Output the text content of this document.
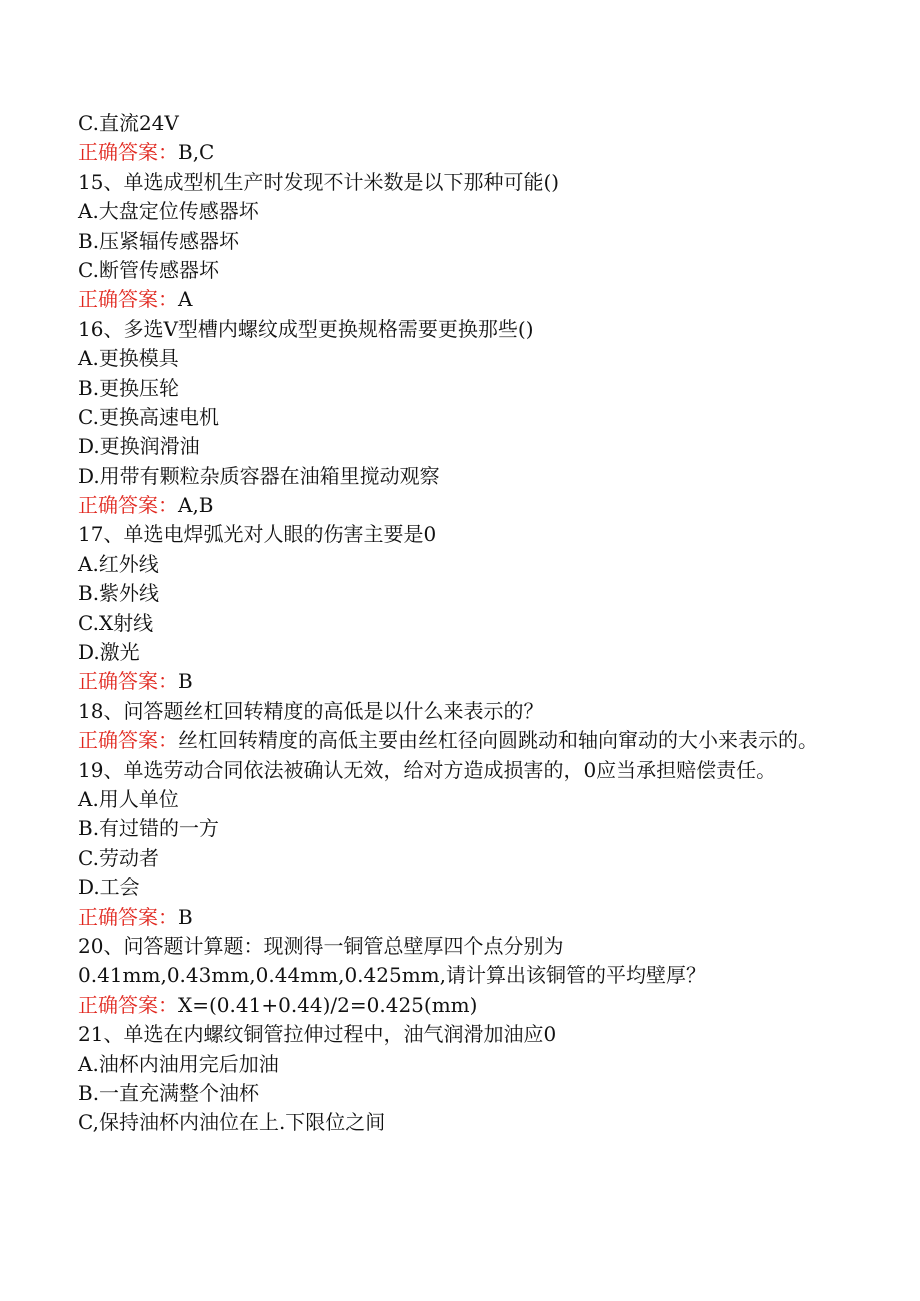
C.直流24V
正确答案：B,C
15、单选成型机生产时发现不计米数是以下那种可能()
A.大盘定位传感器坏
B.压紧辐传感器坏
C.断管传感器坏
正确答案：A
16、多选V型槽内螺纹成型更换规格需要更换那些()
A.更换模具
B.更换压轮
C.更换高速电机
D.更换润滑油
D.用带有颗粒杂质容器在油箱里搅动观察
正确答案：A,B
17、单选电焊弧光对人眼的伤害主要是0
A.红外线
B.紫外线
C.X射线
D.激光
正确答案：B
18、问答题丝杠回转精度的高低是以什么来表示的？
正确答案：丝杠回转精度的高低主要由丝杠径向圆跳动和轴向窜动的大小来表示的。
19、单选劳动合同依法被确认无效，给对方造成损害的，0应当承担赔偿责任。
A.用人单位
B.有过错的一方
C.劳动者
D.工会
正确答案：B
20、问答题计算题：现测得一铜管总壁厚四个点分别为0.41mm,0.43mm,0.44mm,0.425mm,请计算出该铜管的平均壁厚？
正确答案：X=(0.41+0.44)/2=0.425(mm)
21、单选在内螺纹铜管拉伸过程中，油气润滑加油应0
A.油杯内油用完后加油
B.一直充满整个油杯
C,保持油杯内油位在上.下限位之间
